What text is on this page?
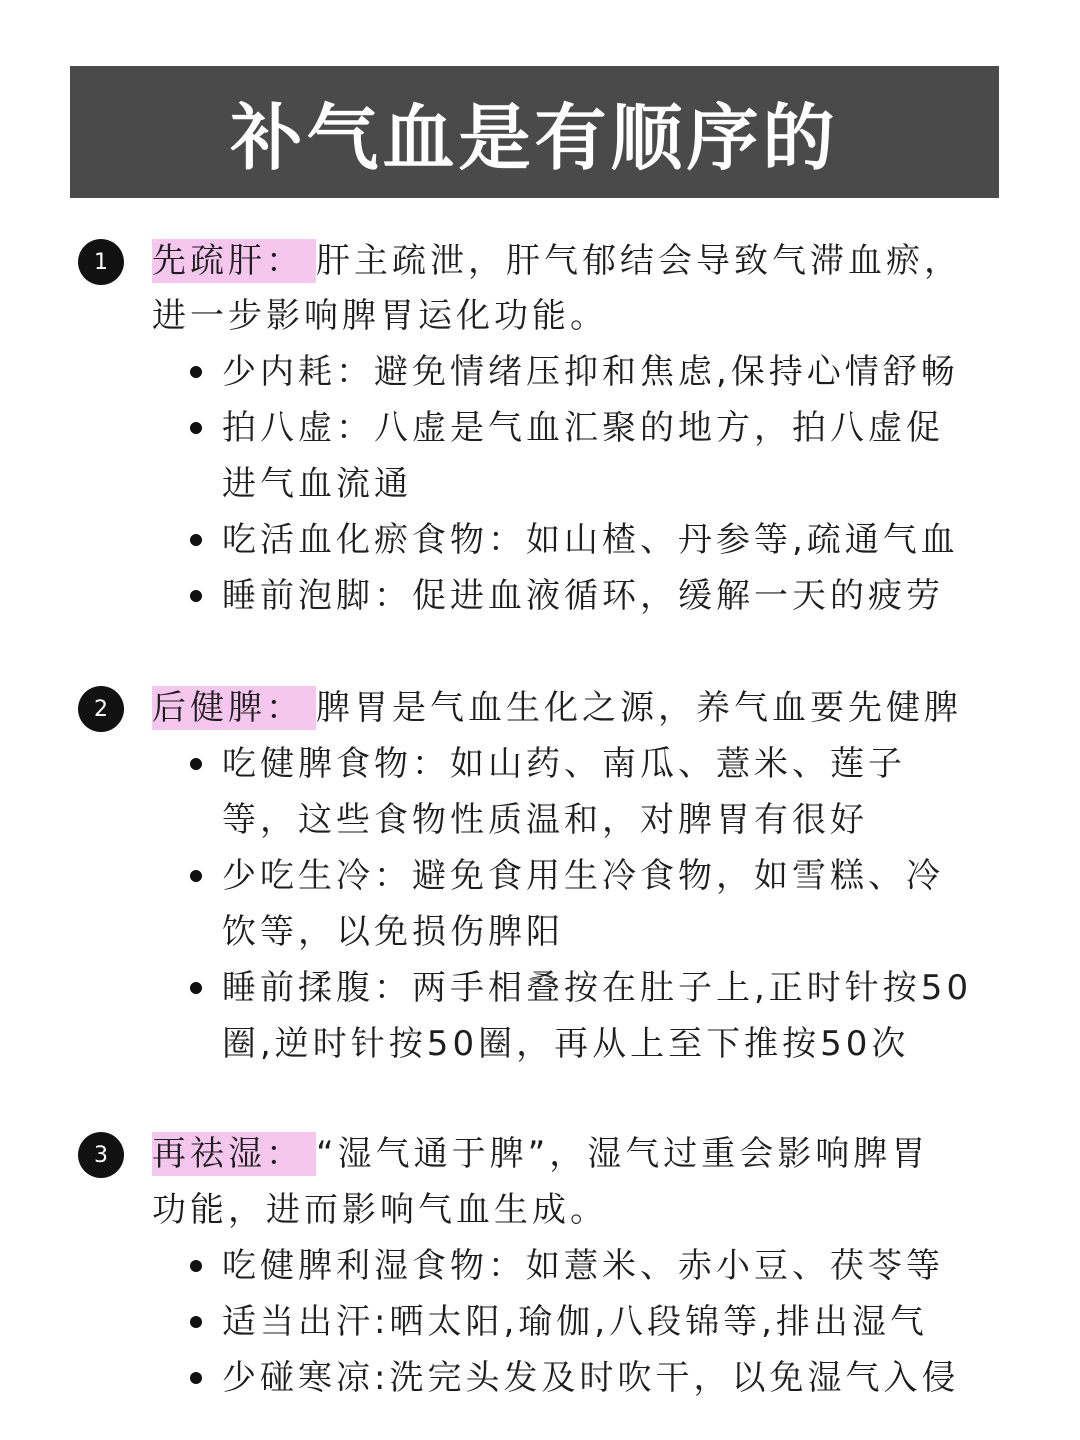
补气血是有顺序的
1	先疏肝： 肝主疏泄，肝气郁结会导致气滞血瘀，
进一步影响脾胃运化功能。
少内耗：避免情绪压抑和焦虑,保持心情舒畅
拍八虚：八虚是气血汇聚的地方，拍八虚促
进气血流通
吃活血化瘀食物：如山楂、丹参等,疏通气血
睡前泡脚：促进血液循环，缓解一天的疲劳
2	后健脾： 脾胃是气血生化之源，养气血要先健脾
吃健脾食物：如山药、南瓜、薏米、莲子
等，这些食物性质温和，对脾胃有很好
少吃生冷：避免食用生冷食物，如雪糕、冷
饮等，以免损伤脾阳
睡前揉腹：两手相叠按在肚子上,正时针按50
圈,逆时针按50圈，再从上至下推按50次
3	再祛湿： “湿气通于脾”，湿气过重会影响脾胃
功能，进而影响气血生成。
吃健脾利湿食物：如薏米、赤小豆、茯苓等
适当出汗:晒太阳,瑜伽,八段锦等,排出湿气
少碰寒凉:洗完头发及时吹干，以免湿气入侵
